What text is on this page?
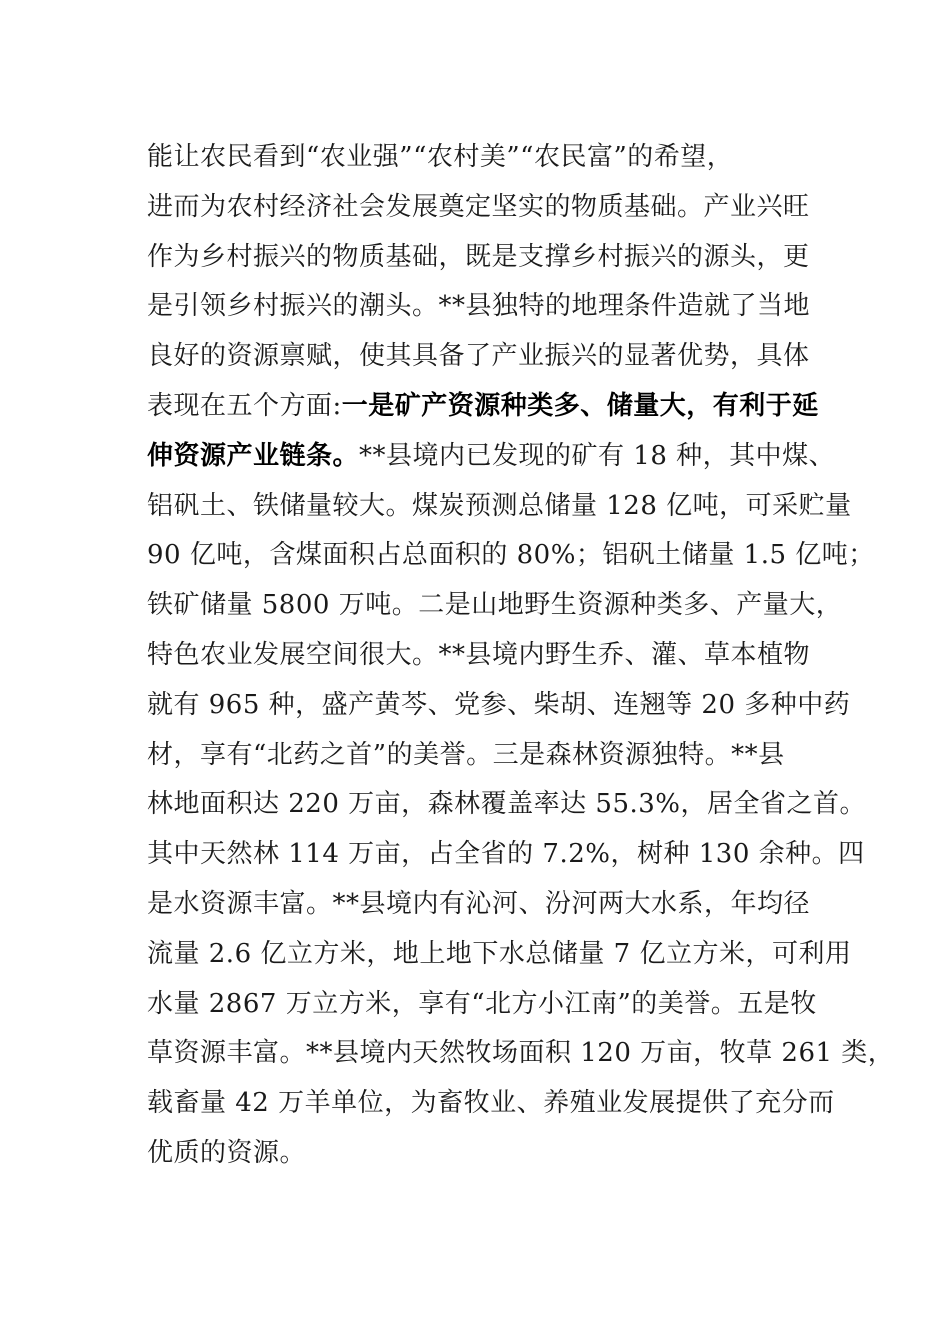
能让农民看到“农业强”“农村美”“农民富”的希望，
进而为农村经济社会发展奠定坚实的物质基础。产业兴旺
作为乡村振兴的物质基础，既是支撑乡村振兴的源头，更
是引领乡村振兴的潮头。**县独特的地理条件造就了当地
良好的资源禀赋，使其具备了产业振兴的显著优势，具体
表现在五个方面:一是矿产资源种类多、储量大，有利于延
伸资源产业链条。**县境内已发现的矿有 18 种，其中煤、
铝矾土、铁储量较大。煤炭预测总储量 128 亿吨，可采贮量
90 亿吨，含煤面积占总面积的 80%；铝矾土储量 1.5 亿吨；
铁矿储量 5800 万吨。二是山地野生资源种类多、产量大，
特色农业发展空间很大。**县境内野生乔、灌、草本植物
就有 965 种，盛产黄芩、党参、柴胡、连翘等 20 多种中药
材，享有“北药之首”的美誉。三是森林资源独特。**县
林地面积达 220 万亩，森林覆盖率达 55.3%，居全省之首。
其中天然林 114 万亩，占全省的 7.2%，树种 130 余种。四
是水资源丰富。**县境内有沁河、汾河两大水系，年均径
流量 2.6 亿立方米，地上地下水总储量 7 亿立方米，可利用
水量 2867 万立方米，享有“北方小江南”的美誉。五是牧
草资源丰富。**县境内天然牧场面积 120 万亩，牧草 261 类，
载畜量 42 万羊单位，为畜牧业、养殖业发展提供了充分而
优质的资源。
